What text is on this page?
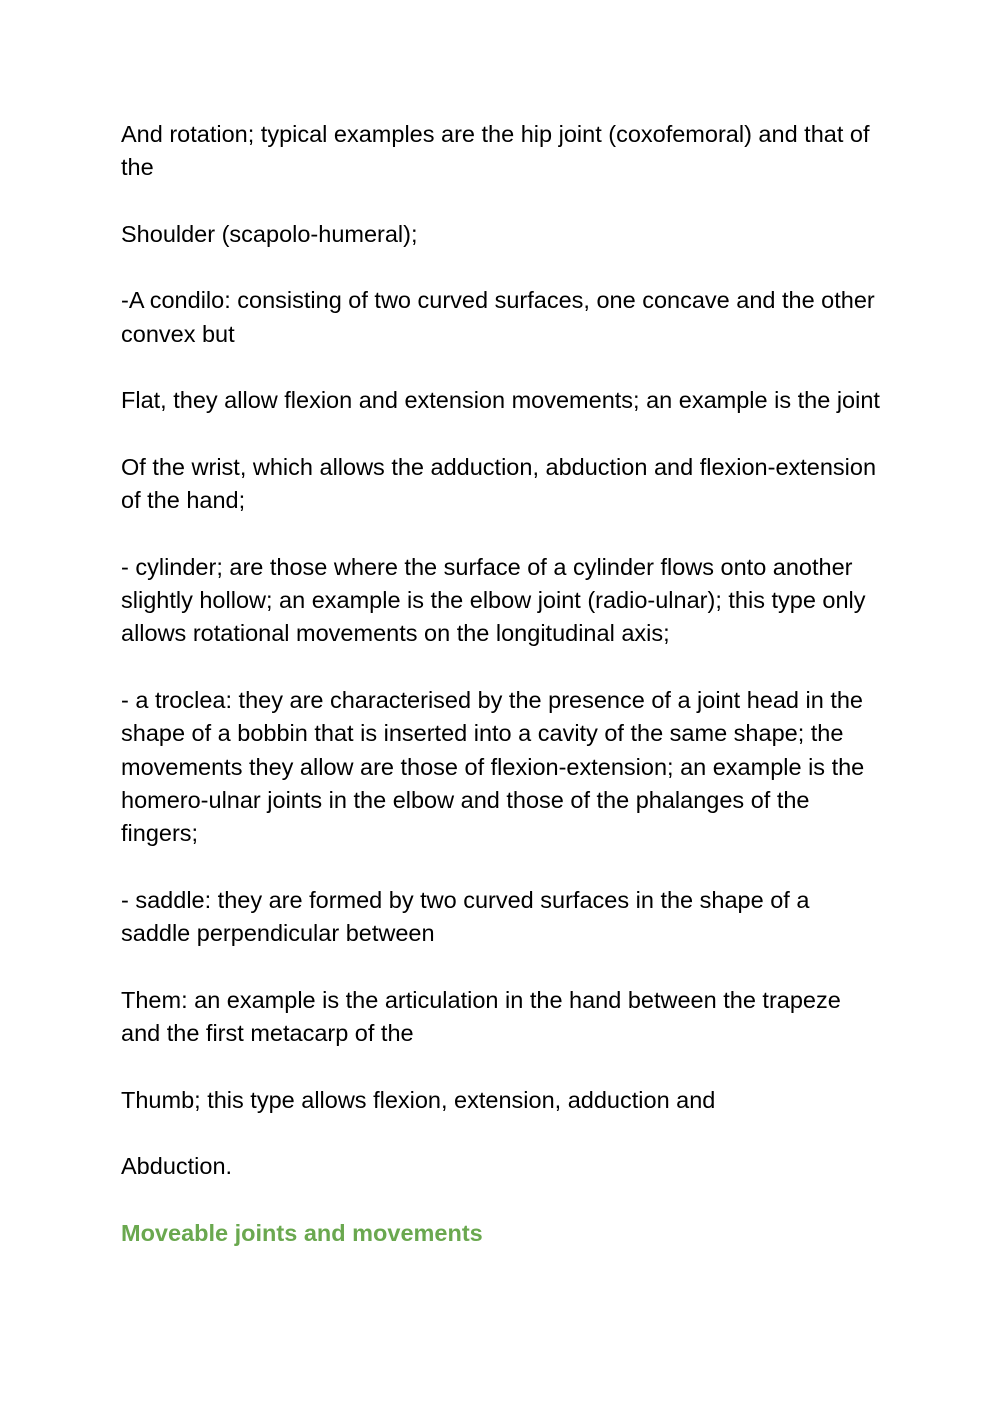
And rotation; typical examples are the hip joint (coxofemoral) and that of the

Shoulder (scapolo-humeral);

-A condilo: consisting of two curved surfaces, one concave and the other convex but

Flat, they allow flexion and extension movements; an example is the joint

Of the wrist, which allows the adduction, abduction and flexion-extension of the hand;

- cylinder; are those where the surface of a cylinder flows onto another slightly hollow; an example is the elbow joint (radio-ulnar); this type only allows rotational movements on the longitudinal axis;

- a troclea: they are characterised by the presence of a joint head in the shape of a bobbin that is inserted into a cavity of the same shape; the movements they allow are those of flexion-extension; an example is the homero-ulnar joints in the elbow and those of the phalanges of the fingers;

- saddle: they are formed by two curved surfaces in the shape of a saddle perpendicular between

Them: an example is the articulation in the hand between the trapeze and the first metacarp of the

Thumb; this type allows flexion, extension, adduction and

Abduction.

Moveable joints and movements
